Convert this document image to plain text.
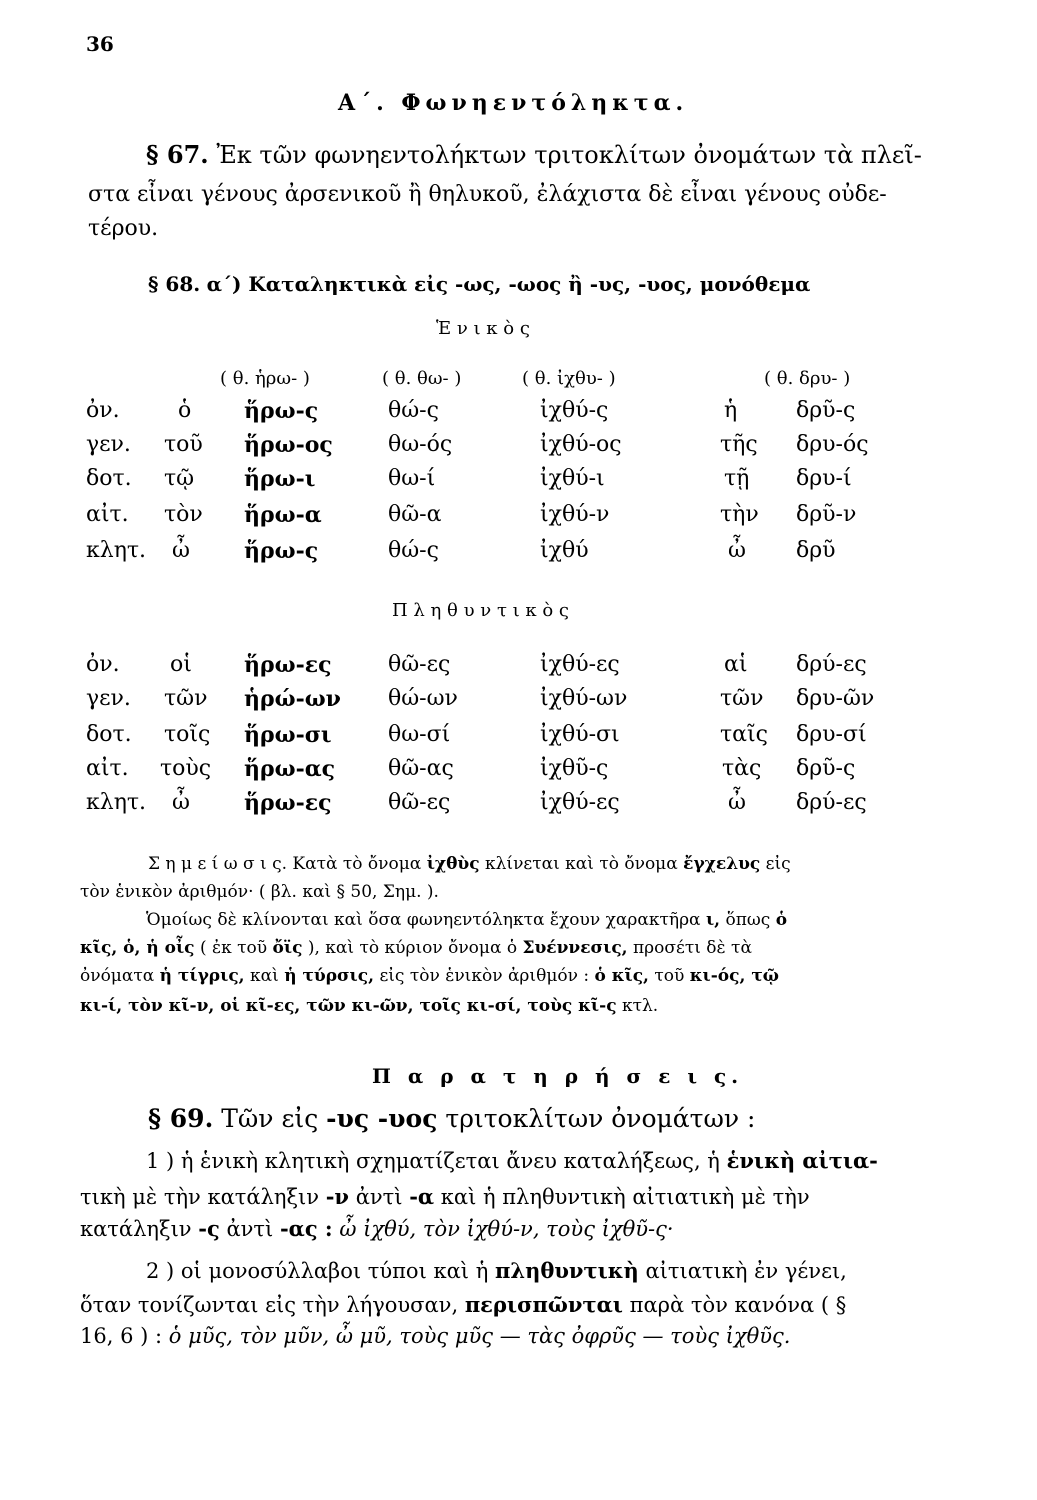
36
Α΄. Φωνηεντόληκτα.
§ 67. Ἐκ τῶν φωνηεντολήκτων τριτοκλίτων ὀνομάτων τὰ πλεῖ-
στα εἶναι γένους ἀρσενικοῦ ἢ θηλυκοῦ, ἐλάχιστα δὲ εἶναι γένους οὐδε-
τέρου.
§ 68. α΄) Καταληκτικὰ εἰς -ως, -ωος ἢ -υς, -υος, μονόθεμα
Ἑ ν ι κ ὸ ς
( θ. ἡρω- )	( θ. θω- )	( θ. ἰχθυ- )	( θ. δρυ- )
ὀν.	ὁ ἥρω-ς	θώ-ς	ἰχθύ-ς	ἡ	δρῦ-ς
γεν. τοῦ ἥρω-ος	θω-ός	ἰχθύ-ος	τῆς δρυ-ός
δοτ. τῷ ἥρω-ι	θω-ί	ἰχθύ-ι	τῇ δρυ-ί
αἰτ. τὸν ἥρω-α	θῶ-α	ἰχθύ-ν	τὴν δρῦ-ν
κλητ. ὦ ἥρω-ς	θώ-ς	ἰχθύ	ὦ δρῦ
Π λ η θ υ ν τ ι κ ὸ ς
ὀν. οἱ ἥρω-ες	θῶ-ες	ἰχθύ-ες	αἱ δρύ-ες
γεν. τῶν ἡρώ-ων θώ-ων	ἰχθύ-ων	τῶν δρυ-ῶν
δοτ. τοῖς ἥρω-σι	θω-σί	ἰχθύ-σι	ταῖς δρυ-σί
αἰτ. τοὺς ἥρω-ας θῶ-ας	ἰχθῦ-ς	τὰς δρῦ-ς
κλητ. ὦ ἥρω-ες	θῶ-ες	ἰχθύ-ες	ὦ δρύ-ες
Σ η μ ε ί ω σ ι ς. Κατὰ τὸ ὄνομα ἰχθὺς κλίνεται καὶ τὸ ὄνομα ἔγχελυς εἰς
τὸν ἑνικὸν ἀριθμόν· ( βλ. καὶ § 50, Σημ. ).
Ὁμοίως δὲ κλίνονται καὶ ὅσα φωνηεντόληκτα ἔχουν χαρακτῆρα ι, ὅπως ὁ
κῖς, ὁ, ἡ οἶς ( ἐκ τοῦ ὄϊς ), καὶ τὸ κύριον ὄνομα ὁ Συέννεσις, προσέτι δὲ τὰ
ὀνόματα ἡ τίγρις, καὶ ἡ τύρσις, εἰς τὸν ἑνικὸν ἀριθμόν : ὁ κῖς, τοῦ κι-ός, τῷ
κι-ί, τὸν κῖ-ν, οἱ κῖ-ες, τῶν κι-ῶν, τοῖς κι-σί, τοὺς κῖ-ς κτλ.
Π α ρ α τ η ρ ή σ ε ι ς.
§ 69. Τῶν εἰς -υς -υος τριτοκλίτων ὀνομάτων :
1 ) ἡ ἑνικὴ κλητικὴ σχηματίζεται ἄνευ καταλήξεως, ἡ ἑνικὴ αἰτια-
τικὴ μὲ τὴν κατάληξιν -ν ἀντὶ -α καὶ ἡ πληθυντικὴ αἰτιατικὴ μὲ τὴν
κατάληξιν -ς ἀντὶ -ας : ὦ ἰχθύ, τὸν ἰχθύ-ν, τοὺς ἰχθῦ-ς·
2 ) οἱ μονοσύλλαβοι τύποι καὶ ἡ πληθυντικὴ αἰτιατικὴ ἐν γένει,
ὅταν τονίζωνται εἰς τὴν λήγουσαν, περισπῶνται παρὰ τὸν κανόνα ( §
16, 6 ) : ὁ μῦς, τὸν μῦν, ὦ μῦ, τοὺς μῦς — τὰς ὀφρῦς — τοὺς ἰχθῦς.
